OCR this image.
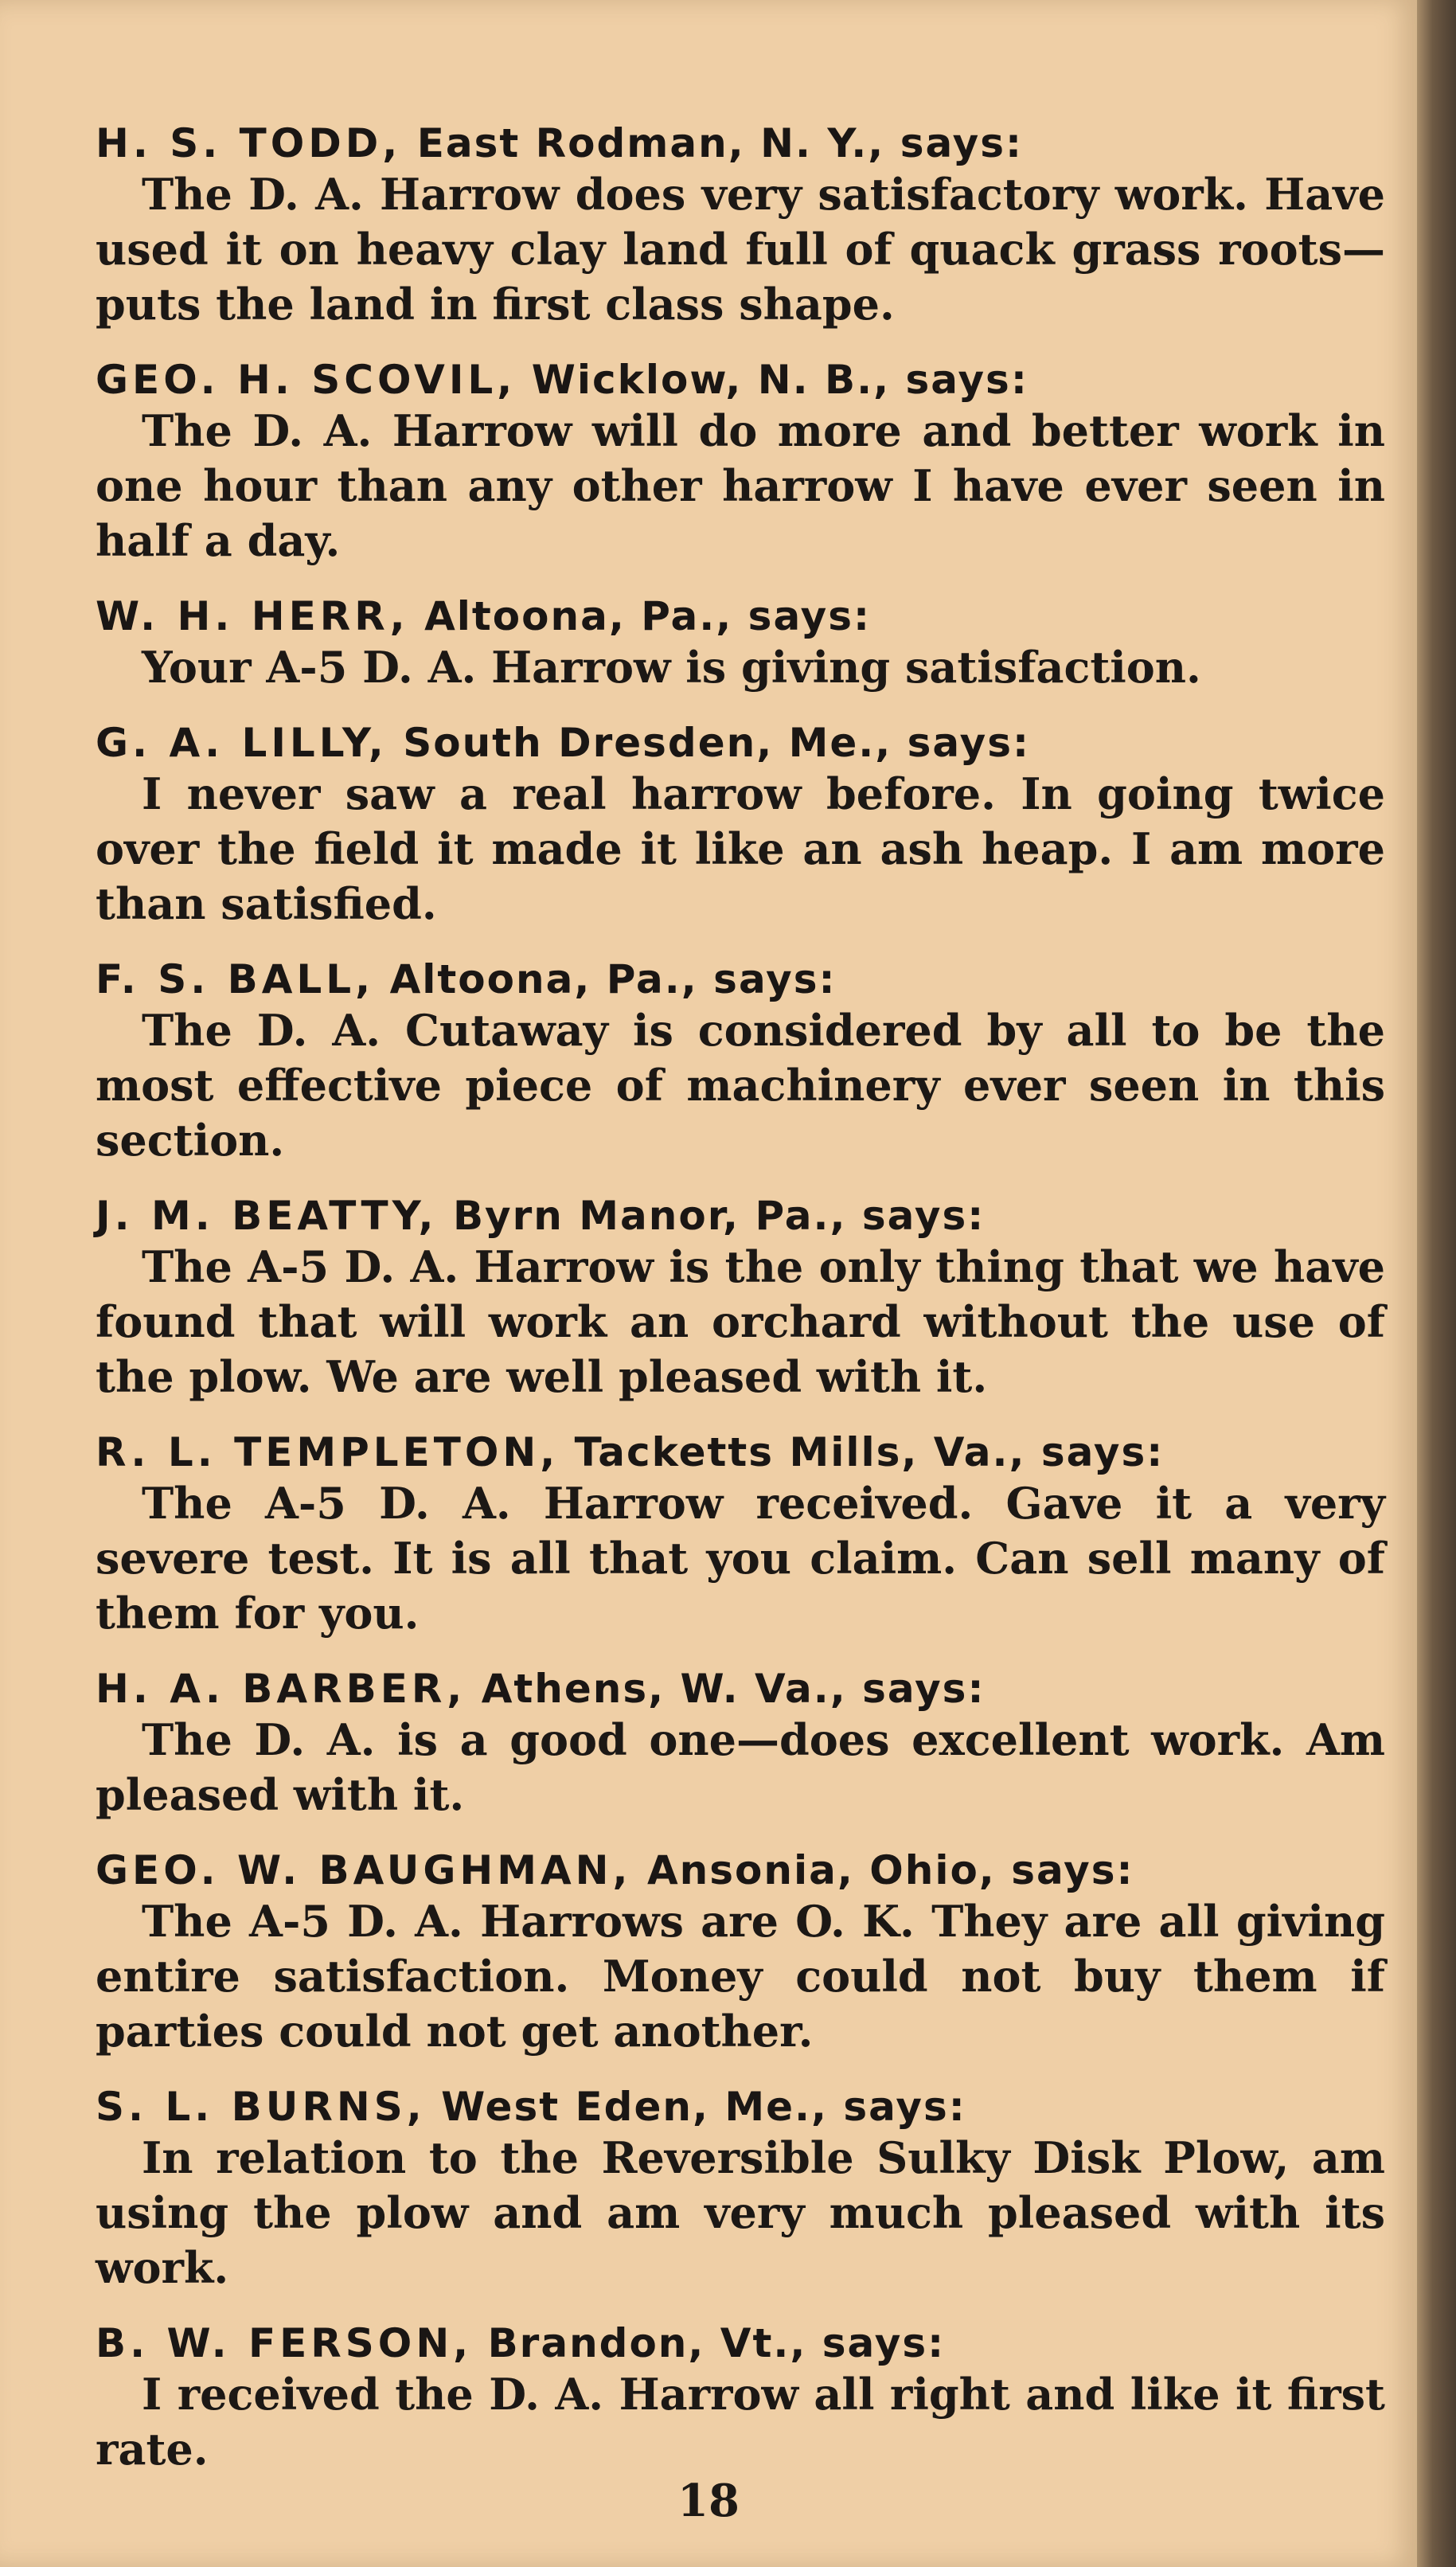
H. S. TODD, East Rodman, N. Y., says:

The D. A. Harrow does very satisfactory work. Have used it on heavy clay land full of quack grass roots—puts the land in first class shape.

GEO. H. SCOVIL, Wicklow, N. B., says:

The D. A. Harrow will do more and better work in one hour than any other harrow I have ever seen in half a day.

W. H. HERR, Altoona, Pa., says:

Your A-5 D. A. Harrow is giving satisfaction.

G. A. LILLY, South Dresden, Me., says:

I never saw a real harrow before. In going twice over the field it made it like an ash heap. I am more than satisfied.

F. S. BALL, Altoona, Pa., says:

The D. A. Cutaway is considered by all to be the most effective piece of machinery ever seen in this section.

J. M. BEATTY, Byrn Manor, Pa., says:

The A-5 D. A. Harrow is the only thing that we have found that will work an orchard without the use of the plow. We are well pleased with it.

R. L. TEMPLETON, Tacketts Mills, Va., says:

The A-5 D. A. Harrow received. Gave it a very severe test. It is all that you claim. Can sell many of them for you.

H. A. BARBER, Athens, W. Va., says:

The D. A. is a good one—does excellent work. Am pleased with it.

GEO. W. BAUGHMAN, Ansonia, Ohio, says:

The A-5 D. A. Harrows are O. K. They are all giving entire satisfaction. Money could not buy them if parties could not get another.

S. L. BURNS, West Eden, Me., says:

In relation to the Reversible Sulky Disk Plow, am using the plow and am very much pleased with its work.

B. W. FERSON, Brandon, Vt., says:

I received the D. A. Harrow all right and like it first rate.

18
